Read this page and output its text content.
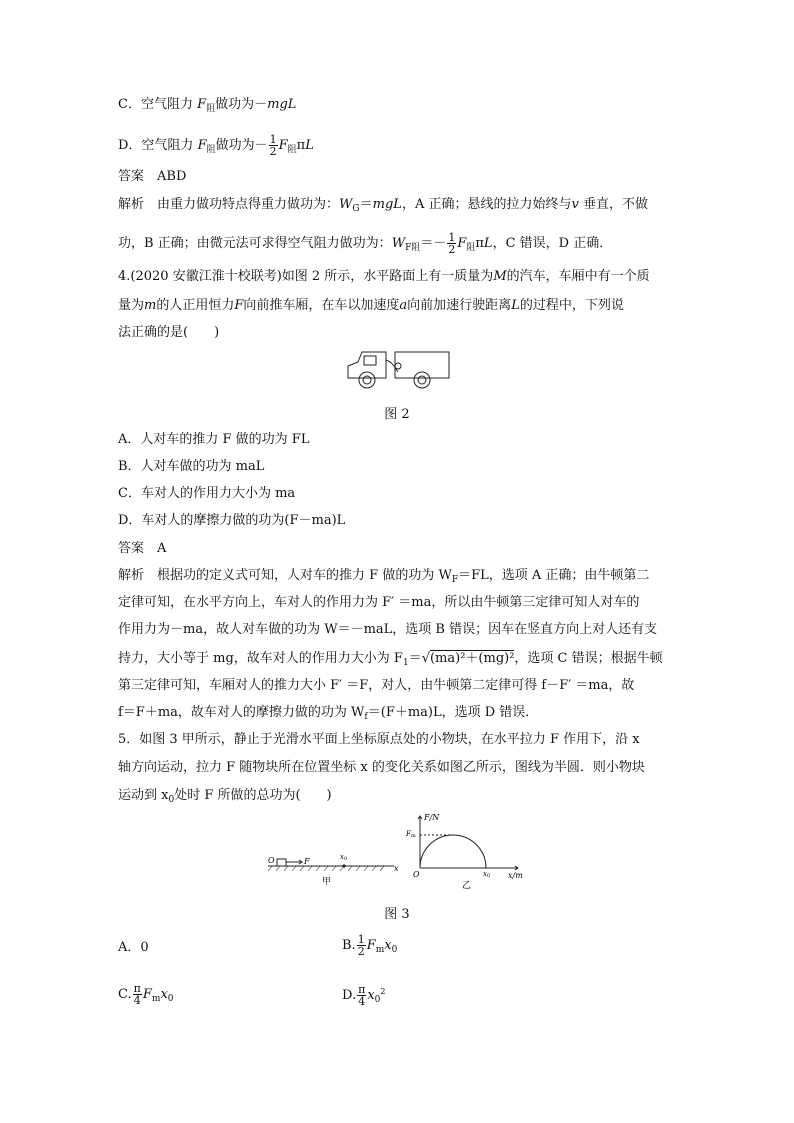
C．空气阻力 $F_阻$做功为－mgL
D．空气阻力 $F_阻$做功为－ $\frac{1}{2} F_阻\pi L$
答案　 ABD
解析　 由重力做功特点得重力做功为：$W_G=mgL$，A 正确；悬线的拉力始终与v 垂直，不做
功，B 正确；由微元法可求得空气阻力做功为：$W_{F阻}=- \frac{1}{2} F_阻\pi L$，C 错误，D 正确．
4.(2020 安徽江淮十校联考)如图 2 所示，水平路面上有一质量为M的汽车，车厢中有一个质
量为m的人正用恒力F向前推车厢，在车以加速度a向前加速行驶距离L的过程中，下列说
法正确的是(　　)
图 2
A．人对车的推力 F 做的功为 FL
B．人对车做的功为 maL
C．车对人的作用力大小为 ma
D．车对人的摩擦力做的功为(F－ma)L
答案　 A
解析　 根据功的定义式可知，人对车的推力 F 做的功为 $W_F=FL$，选项 A 正确；由牛顿第二
定律可知，在水平方向上，车对人的作用力为 F′ ＝ma，所以由牛顿第三定律可知人对车的
作用力为－ma，故人对车做的功为 W＝－maL，选项 B 错误；因车在竖直方向上对人还有支
持力，大小等于 mg，故车对人的作用力大小为 $F_1=√(ma)^2+(mg)^2$，选项 C 错误；根据牛顿
第三定律可知，车厢对人的推力大小 F′ ＝F，对人，由牛顿第二定律可得 f－F′ ＝ma，故
f＝F＋ma，故车对人的摩擦力做的功为 $W_f=(F+ma)L$，选项 D 错误．
5．如图 3 甲所示，静止于光滑水平面上坐标原点处的小物块，在水平拉力 F 作用下，沿 x
轴方向运动，拉力 F 随物块所在位置坐标 x 的变化关系如图乙所示，图线为半圆．则小物块
运动到 $x_0$处时 F 所做的总功为(　　)
O	F	x 0
x
甲
F/N
F m
O	x 0 x/m
乙
图 3
A．0	B. $\frac{1}{2} F_mx_0$
C. $\frac{\pi}{4} F_mx_0$	D. $\frac{\pi}{4} x_0^2$
